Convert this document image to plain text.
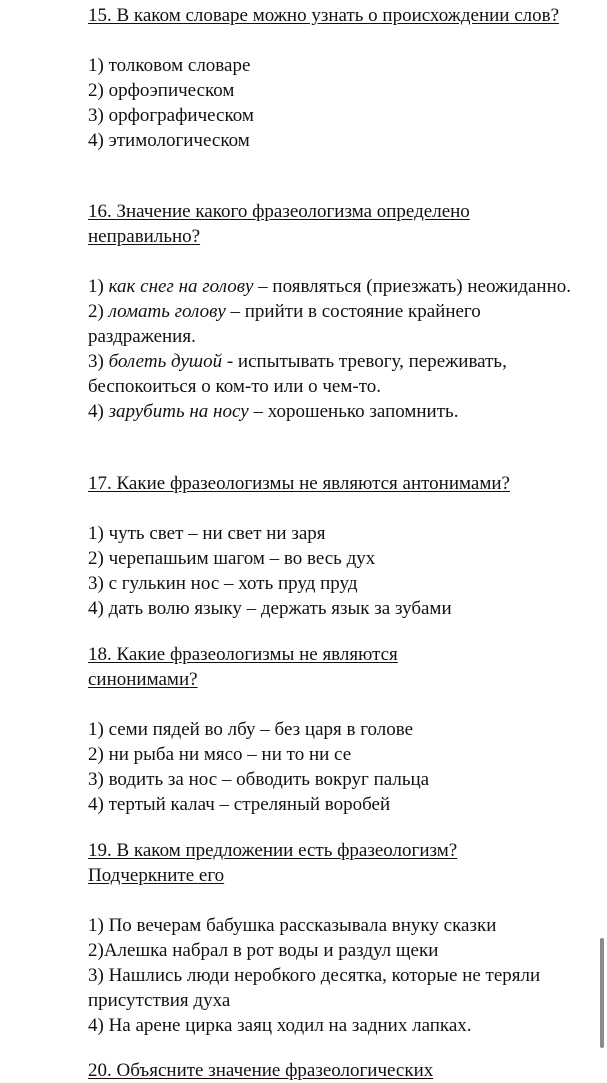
15. В каком словаре можно узнать о происхождении слов?
1) толковом словаре
2) орфоэпическом
3) орфографическом
4) этимологическом
16. Значение какого фразеологизма определено неправильно?
1) как снег на голову – появляться (приезжать) неожиданно.
2) ломать голову – прийти в состояние крайнего раздражения.
3) болеть душой - испытывать тревогу, переживать, беспокоиться о ком-то или о чем-то.
4) зарубить на носу – хорошенько запомнить.
17. Какие фразеологизмы не являются антонимами?
1) чуть свет – ни свет ни заря
2) черепашьим шагом – во весь дух
3) с гулькин нос – хоть пруд пруд
4) дать волю языку – держать язык за зубами
18. Какие фразеологизмы не являются синонимами?
1) семи пядей во лбу – без царя в голове
2) ни рыба ни мясо – ни то ни се
3) водить за нос – обводить вокруг пальца
4) тертый калач – стреляный воробей
19. В каком предложении есть фразеологизм? Подчеркните его
1) По вечерам бабушка рассказывала внуку сказки
2)Алешка набрал в рот воды и раздул щеки
3) Нашлись люди неробкого десятка, которые не теряли присутствия духа
4) На арене цирка заяц ходил на задних лапках.
20. Объясните значение фразеологических
